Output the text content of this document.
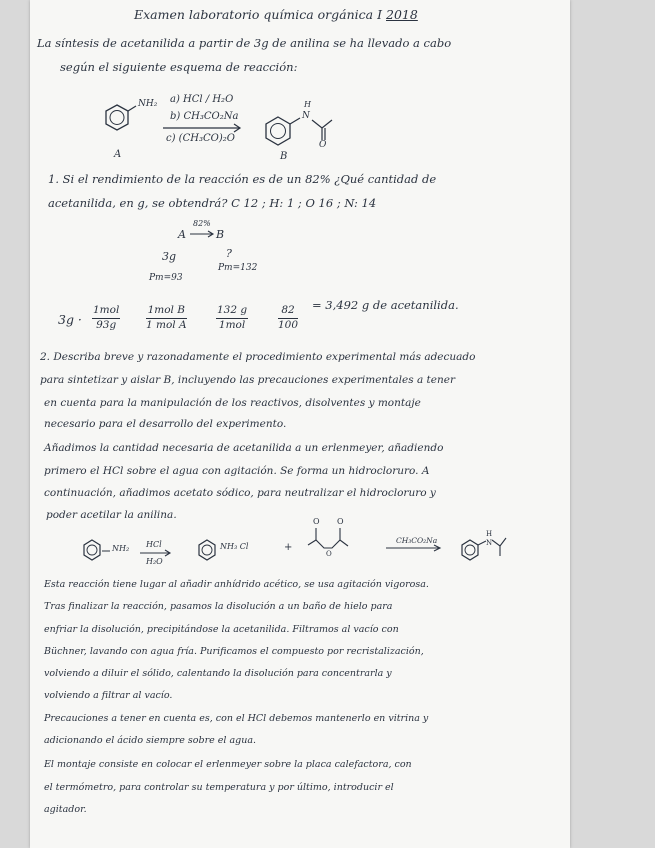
Examen laboratorio química orgánica I 2018
La síntesis de acetanilida a partir de 3g de anilina se ha llevado a cabo
según el siguiente esquema de reacción:
NH₂ a) HCl / H₂O
b) CH₃CO₂Na
c) (CH₃CO)₂O
N
H
O
A	B
1. Si el rendimiento de la reacción es de un 82% ¿Qué cantidad de
acetanilida, en g, se obtendrá? C 12 ; H: 1 ; O 16 ; N: 14
A
82%
B
3g	?
Pm=93
Pm=132
3g ·
1mol
93g
1mol B
1 mol A
132 g
1mol	$\frac{82}{100} = 3,492$ g de acetanilida.
2. Describa breve y razonadamente el procedimiento experimental más adecuado
para sintetizar y aislar B, incluyendo las precauciones experimentales a tener
en cuenta para la manipulación de los reactivos, disolventes y montaje
necesario para el desarrollo del experimento.
Añadimos la cantidad necesaria de acetanilida a un erlenmeyer, añadiendo
primero el HCl sobre el agua con agitación. Se forma un hidrocloruro. A
continuación, añadimos acetato sódico, para neutralizar el hidrocloruro y
poder acetilar la anilina.
O O
O
H
N
NH₂ HCl
H₂O
NH₃ Cl	+
CH₃CO₂Na
Esta reacción tiene lugar al añadir anhídrido acético, se usa agitación vigorosa.
Tras finalizar la reacción, pasamos la disolución a un baño de hielo para
enfriar la disolución, precipitándose la acetanilida. Filtramos al vacío con
Büchner, lavando con agua fría. Purificamos el compuesto por recristalización,
volviendo a diluir el sólido, calentando la disolución para concentrarla y
volviendo a filtrar al vacío.
Precauciones a tener en cuenta es, con el HCl debemos mantenerlo en vitrina y
adicionando el ácido siempre sobre el agua.
El montaje consiste en colocar el erlenmeyer sobre la placa calefactora, con
el termómetro, para controlar su temperatura y por último, introducir el
agitador.
